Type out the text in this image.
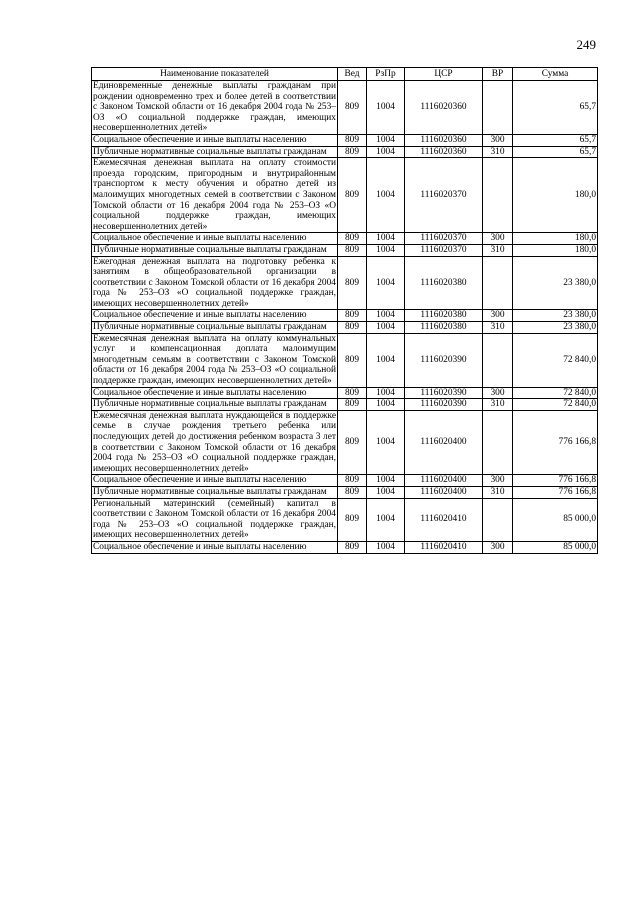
249
Наименование показателей	Вед	РзПр	ЦСР	ВР	Сумма
Единовременные денежные выплаты гражданам при рождении одновременно трех и более детей в соответствии с Законом Томской области от 16 декабря 2004 года № 253–ОЗ «О социальной поддержке граждан, имеющих несовершеннолетних детей»	809	1004	1116020360		65,7
Социальное обеспечение и иные выплаты населению	809	1004	1116020360	300	65,7
Публичные нормативные социальные выплаты гражданам	809	1004	1116020360	310	65,7
Ежемесячная денежная выплата на оплату стоимости проезда городским, пригородным и внутрирайонным транспортом к месту обучения и обратно детей из малоимущих многодетных семей в соответствии с Законом Томской области от 16 декабря 2004 года № 253–ОЗ «О социальной поддержке граждан, имеющих несовершеннолетних детей»	809	1004	1116020370		180,0
Социальное обеспечение и иные выплаты населению	809	1004	1116020370	300	180,0
Публичные нормативные социальные выплаты гражданам	809	1004	1116020370	310	180,0
Ежегодная денежная выплата на подготовку ребенка к занятиям в общеобразовательной организации в соответствии с Законом Томской области от 16 декабря 2004 года № 253–ОЗ «О социальной поддержке граждан, имеющих несовершеннолетних детей»	809	1004	1116020380		23 380,0
Социальное обеспечение и иные выплаты населению	809	1004	1116020380	300	23 380,0
Публичные нормативные социальные выплаты гражданам	809	1004	1116020380	310	23 380,0
Ежемесячная денежная выплата на оплату коммунальных услуг и компенсационная доплата малоимущим многодетным семьям в соответствии с Законом Томской области от 16 декабря 2004 года № 253–ОЗ «О социальной поддержке граждан, имеющих несовершеннолетних детей»	809	1004	1116020390		72 840,0
Социальное обеспечение и иные выплаты населению	809	1004	1116020390	300	72 840,0
Публичные нормативные социальные выплаты гражданам	809	1004	1116020390	310	72 840,0
Ежемесячная денежная выплата нуждающейся в поддержке семье в случае рождения третьего ребенка или последующих детей до достижения ребенком возраста 3 лет в соответствии с Законом Томской области от 16 декабря 2004 года № 253–ОЗ «О социальной поддержке граждан, имеющих несовершеннолетних детей»	809	1004	1116020400		776 166,8
Социальное обеспечение и иные выплаты населению	809	1004	1116020400	300	776 166,8
Публичные нормативные социальные выплаты гражданам	809	1004	1116020400	310	776 166,8
Региональный материнский (семейный) капитал в соответствии с Законом Томской области от 16 декабря 2004 года № 253–ОЗ «О социальной поддержке граждан, имеющих несовершеннолетних детей»	809	1004	1116020410		85 000,0
Социальное обеспечение и иные выплаты населению	809	1004	1116020410	300	85 000,0
